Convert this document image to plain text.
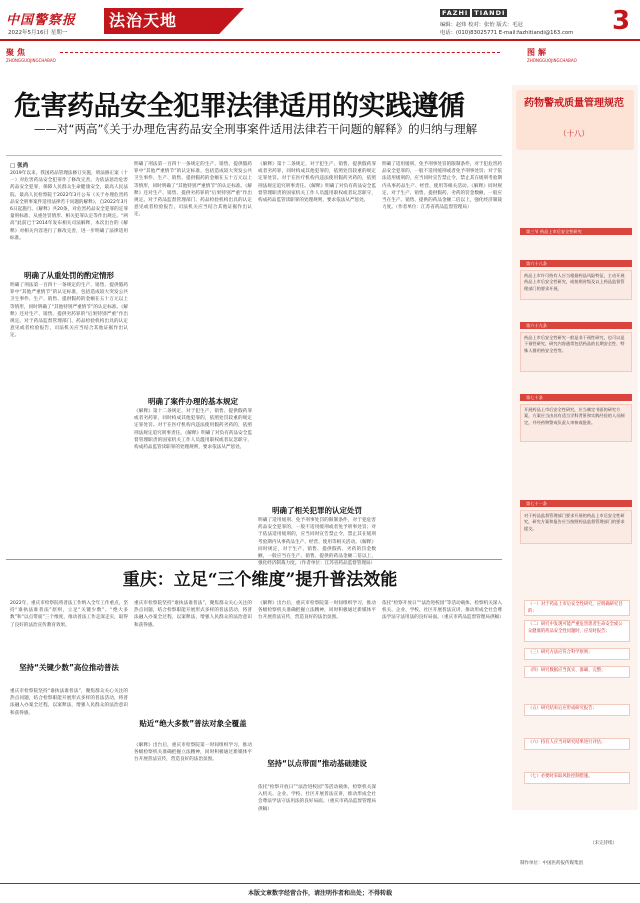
中国警察报
2022年5月16日 星期一
法治天地	FAZHI TIANDI
编辑：赵炜 校对：张怡 版式：毛冠
电话：(010)83025771 E-mail:fazhitiandi@163.com 3
聚焦
ZHONGGUOJINGCHABAO
图解
ZHONGGUOJINGCHABAO
危害药品安全犯罪法律适用的实践遵循
——对“两高”《关于办理危害药品安全刑事案件适用法律若干问题的解释》的归纳与理解
□ 张尚
2019年以来，我国药品管理法修订实施，刑法修正案（十一）对危害药品安全犯罪作了修改完善。为依法惩治危害药品安全犯罪，保障人民群众生命健康安全，最高人民法院、最高人民检察院于2022年3月公布《关于办理危害药品安全刑事案件适用法律若干问题的解释》，自2022年3月6日起施行。《解释》共20条，对危害药品安全犯罪的定罪量刑标准、从重处罚情形、相关犯罪认定等作出规定。“两高”此前已于2014年发布相关司法解释，本次出台的《解释》对相关内容进行了修改完善，进一步明确了法律适用标准。
明确了从重处罚的酌定情形
明确了刑法第一百四十一条规定的生产、销售、提供假药罪中“其他严重情节”的认定标准，包括造成较大突发公共卫生事件、生产、销售、提供假药的金额在五十万元以上等情形，同时明确了“其他特别严重情节”的认定标准。《解释》还对生产、销售、提供劣药罪的“后果特别严重”作出规定。对于药品监督管理部门、药品检验机构出具的认定意见或者检验报告，司法机关应当结合其他证据作出认定。
明确了刑法第一百四十一条规定的生产、销售、提供假药罪中“其他严重情节”的认定标准，包括造成较大突发公共卫生事件、生产、销售、提供假药的金额在五十万元以上等情形，同时明确了“其他特别严重情节”的认定标准。《解释》还对生产、销售、提供劣药罪的“后果特别严重”作出规定。对于药品监督管理部门、药品检验机构出具的认定意见或者检验报告，司法机关应当结合其他证据作出认定。
明确了案件办理的基本规定
《解释》第十二条规定，对于犯生产、销售、提供假药罪或者劣药罪，同时构成其他犯罪的，依照处罚较重的规定定罪处罚。对于在医疗机构内违法使用假药劣药的，依照刑法规定追究刑事责任。《解释》明确了对负有药品安全监督管理职责的国家机关工作人员滥用职权或者玩忽职守，构成药品监管渎职罪的处理规则，要求依法从严惩处。
《解释》第十二条规定，对于犯生产、销售、提供假药罪或者劣药罪，同时构成其他犯罪的，依照处罚较重的规定定罪处罚。对于在医疗机构内违法使用假药劣药的，依照刑法规定追究刑事责任。《解释》明确了对负有药品安全监督管理职责的国家机关工作人员滥用职权或者玩忽职守，构成药品监管渎职罪的处理规则，要求依法从严惩处。
明确了相关犯罪的认定处罚
明确了适用缓刑、免予刑事处罚的限制条件，对于犯危害药品安全犯罪的，一般不适用缓刑或者免予刑事处罚；对于依法适用缓刑的，应当同时宣告禁止令，禁止其在缓刑考验期内从事药品生产、经营、使用等相关活动。《解释》同时规定，对于生产、销售、提供假药、劣药的罚金数额，一般应当在生产、销售、提供的药品金额二倍以上，强化经济制裁力度。（作者单位：江苏省药品监督管理局）
明确了适用缓刑、免予刑事处罚的限制条件，对于犯危害药品安全犯罪的，一般不适用缓刑或者免予刑事处罚；对于依法适用缓刑的，应当同时宣告禁止令，禁止其在缓刑考验期内从事药品生产、经营、使用等相关活动。《解释》同时规定，对于生产、销售、提供假药、劣药的罚金数额，一般应当在生产、销售、提供的药品金额二倍以上，强化经济制裁力度。（作者单位：江苏省药品监督管理局）
重庆：立足“三个维度”提升普法效能
2022年，重庆市检察院将普法工作纳入全年工作重点，坚持“谁执法谁普法”原则，立足“关键少数”、“绝大多数”和“以点带面”三个维度，推动普法工作走深走实，取得了良好的法治宣传教育效果。
坚持“关键少数”高位推动普法
重庆市检察院坚持“谁执法谁普法”，聚焦群众关心关注的热点问题，结合检察职能开展形式多样的普法活动，将普法融入办案全过程，以案释法，增强人民群众的法治意识和获得感。
重庆市检察院坚持“谁执法谁普法”，聚焦群众关心关注的热点问题，结合检察职能开展形式多样的普法活动，将普法融入办案全过程，以案释法，增强人民群众的法治意识和获得感。
贴近“绝大多数”普法对象全覆盖
《解释》出台后，重庆市检察院第一时间组织学习，推动各级检察机关准确把握立法精神，同时积极通过新媒体平台开展普法宣传，营造良好的法治氛围。
《解释》出台后，重庆市检察院第一时间组织学习，推动各级检察机关准确把握立法精神，同时积极通过新媒体平台开展普法宣传，营造良好的法治氛围。
坚持“以点带面”推动基础建设
依托“检察开放日”“法治进校园”等活动载体，检察机关深入机关、企业、学校、社区开展普法宣讲，推动形成全社会尊法学法守法用法的良好局面。（重庆市药品监督管理局供稿）
依托“检察开放日”“法治进校园”等活动载体，检察机关深入机关、企业、学校、社区开展普法宣讲，推动形成全社会尊法学法守法用法的良好局面。（重庆市药品监督管理局供稿）
药物警戒质量管理规范
（十八）
第三节 药品上市后安全性研究
第六十八条
药品上市许可持有人应当根据药品风险特征，主动开展药品上市后安全性研究，或按照省级及以上药品监督管理部门的要求开展。
第六十九条
药品上市后安全性研究一般是非干预性研究，也可以是干预性研究，研究内容通常包括药品的长期安全性、特殊人群用药安全性等。
第七十条
开展药品上市后安全性研究，应当制定书面的研究方案，方案应当由具有适当学科背景和实践经验的人员制定，并经药物警戒负责人审核或批准。
第七十一条
对于药品监督管理部门要求开展的药品上市后安全性研究，研究方案和报告应当按照药品监督管理部门的要求提交。
（一）对于药品上市后安全性研究，应明确研究目的；
（二）研究中发现可能严重危害患者生命安全或公众健康的药品安全性问题时，应及时报告；
（三）研究方法应符合科学原则；
（四）研究数据应当真实、准确、完整；
（五）研究结束后应形成研究报告；
（六）持有人应当对研究结果进行评估；
（七）必要时采取风险控制措施。
（未完待续）
制作单位：中国医药报传媒集团
本版文章数字经营合作，请注明作者和出处；不得转载
